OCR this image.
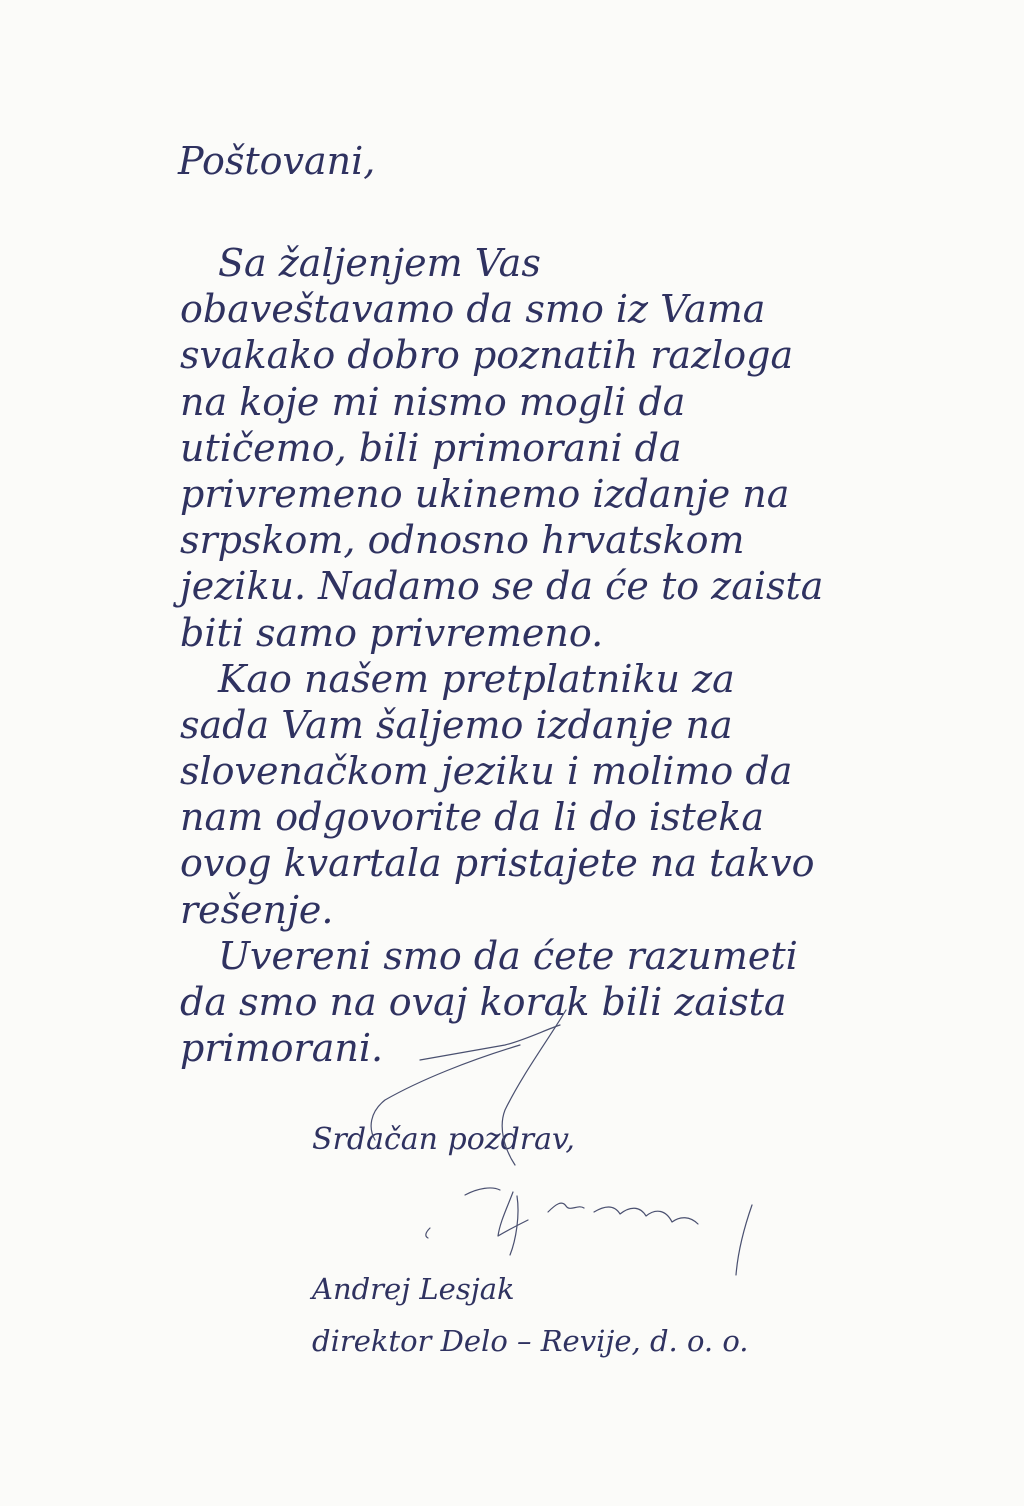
Poštovani,
Sa žaljenjem Vas
obaveštavamo da smo iz Vama
svakako dobro poznatih razloga
na koje mi nismo mogli da
utičemo, bili primorani da
privremeno ukinemo izdanje na
srpskom, odnosno hrvatskom
jeziku. Nadamo se da će to zaista
biti samo privremeno.
Kao našem pretplatniku za
sada Vam šaljemo izdanje na
slovenačkom jeziku i molimo da
nam odgovorite da li do isteka
ovog kvartala pristajete na takvo
rešenje.
Uvereni smo da ćete razumeti
da smo na ovaj korak bili zaista
primorani.
Srdačan pozdrav,
Andrej Lesjak
direktor Delo – Revije, d. o. o.
